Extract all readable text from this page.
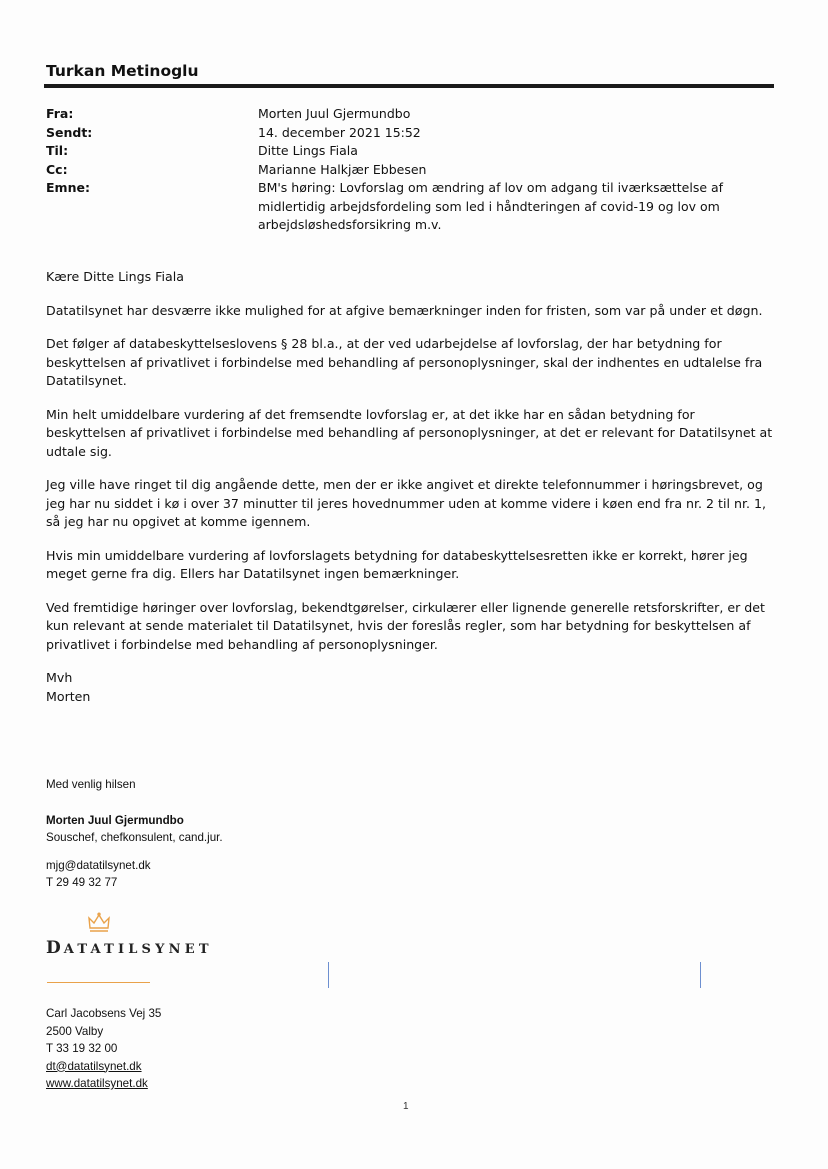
Turkan Metinoglu
Fra:	Morten Juul Gjermundbo
Sendt:	14. december 2021 15:52
Til:	Ditte Lings Fiala
Cc:	Marianne Halkjær Ebbesen
Emne:	BM's høring: Lovforslag om ændring af lov om adgang til iværksættelse af midlertidig arbejdsfordeling som led i håndteringen af covid-19 og lov om arbejdsløshedsforsikring m.v.

Kære Ditte Lings Fiala

Datatilsynet har desværre ikke mulighed for at afgive bemærkninger inden for fristen, som var på under et døgn.

Det følger af databeskyttelseslovens § 28 bl.a., at der ved udarbejdelse af lovforslag, der har betydning for beskyttelsen af privatlivet i forbindelse med behandling af personoplysninger, skal der indhentes en udtalelse fra Datatilsynet.

Min helt umiddelbare vurdering af det fremsendte lovforslag er, at det ikke har en sådan betydning for beskyttelsen af privatlivet i forbindelse med behandling af personoplysninger, at det er relevant for Datatilsynet at udtale sig.

Jeg ville have ringet til dig angående dette, men der er ikke angivet et direkte telefonnummer i høringsbrevet, og jeg har nu siddet i kø i over 37 minutter til jeres hovednummer uden at komme videre i køen end fra nr. 2 til nr. 1, så jeg har nu opgivet at komme igennem.

Hvis min umiddelbare vurdering af lovforslagets betydning for databeskyttelsesretten ikke er korrekt, hører jeg meget gerne fra dig. Ellers har Datatilsynet ingen bemærkninger.

Ved fremtidige høringer over lovforslag, bekendtgørelser, cirkulærer eller lignende generelle retsforskrifter, er det kun relevant at sende materialet til Datatilsynet, hvis der foreslås regler, som har betydning for beskyttelsen af privatlivet i forbindelse med behandling af personoplysninger.

Mvh

Morten

Med venlig hilsen
Morten Juul Gjermundbo
Souschef, chefkonsulent, cand.jur.
mjg@datatilsynet.dk
T 29 49 32 77
DATATILSYNET
Carl Jacobsens Vej 35
2500 Valby
T 33 19 32 00
dt@datatilsynet.dk
www.datatilsynet.dk
1
